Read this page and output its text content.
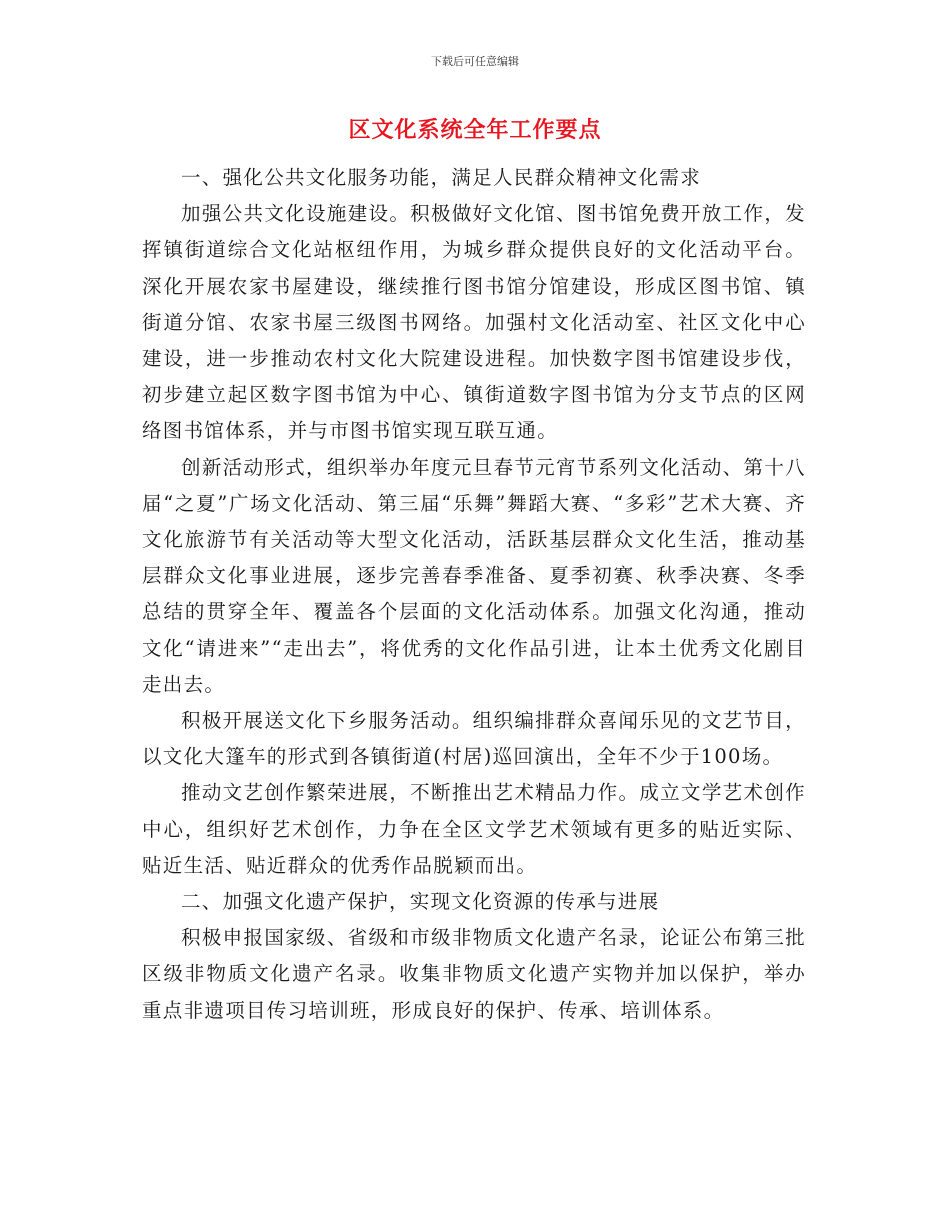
下载后可任意编辑
区文化系统全年工作要点

一、强化公共文化服务功能，满足人民群众精神文化需求

加强公共文化设施建设。积极做好文化馆、图书馆免费开放工作，发挥镇街道综合文化站枢纽作用，为城乡群众提供良好的文化活动平台。深化开展农家书屋建设，继续推行图书馆分馆建设，形成区图书馆、镇街道分馆、农家书屋三级图书网络。加强村文化活动室、社区文化中心建设，进一步推动农村文化大院建设进程。加快数字图书馆建设步伐，初步建立起区数字图书馆为中心、镇街道数字图书馆为分支节点的区网络图书馆体系，并与市图书馆实现互联互通。

创新活动形式，组织举办年度元旦春节元宵节系列文化活动、第十八届“之夏”广场文化活动、第三届“乐舞”舞蹈大赛、“多彩”艺术大赛、齐文化旅游节有关活动等大型文化活动，活跃基层群众文化生活，推动基层群众文化事业进展，逐步完善春季准备、夏季初赛、秋季决赛、冬季总结的贯穿全年、覆盖各个层面的文化活动体系。加强文化沟通，推动文化“请进来”“走出去”，将优秀的文化作品引进，让本土优秀文化剧目走出去。

积极开展送文化下乡服务活动。组织编排群众喜闻乐见的文艺节目，以文化大篷车的形式到各镇街道(村居)巡回演出，全年不少于100场。

推动文艺创作繁荣进展，不断推出艺术精品力作。成立文学艺术创作中心，组织好艺术创作，力争在全区文学艺术领域有更多的贴近实际、贴近生活、贴近群众的优秀作品脱颖而出。

二、加强文化遗产保护，实现文化资源的传承与进展

积极申报国家级、省级和市级非物质文化遗产名录，论证公布第三批区级非物质文化遗产名录。收集非物质文化遗产实物并加以保护，举办重点非遗项目传习培训班，形成良好的保护、传承、培训体系。
